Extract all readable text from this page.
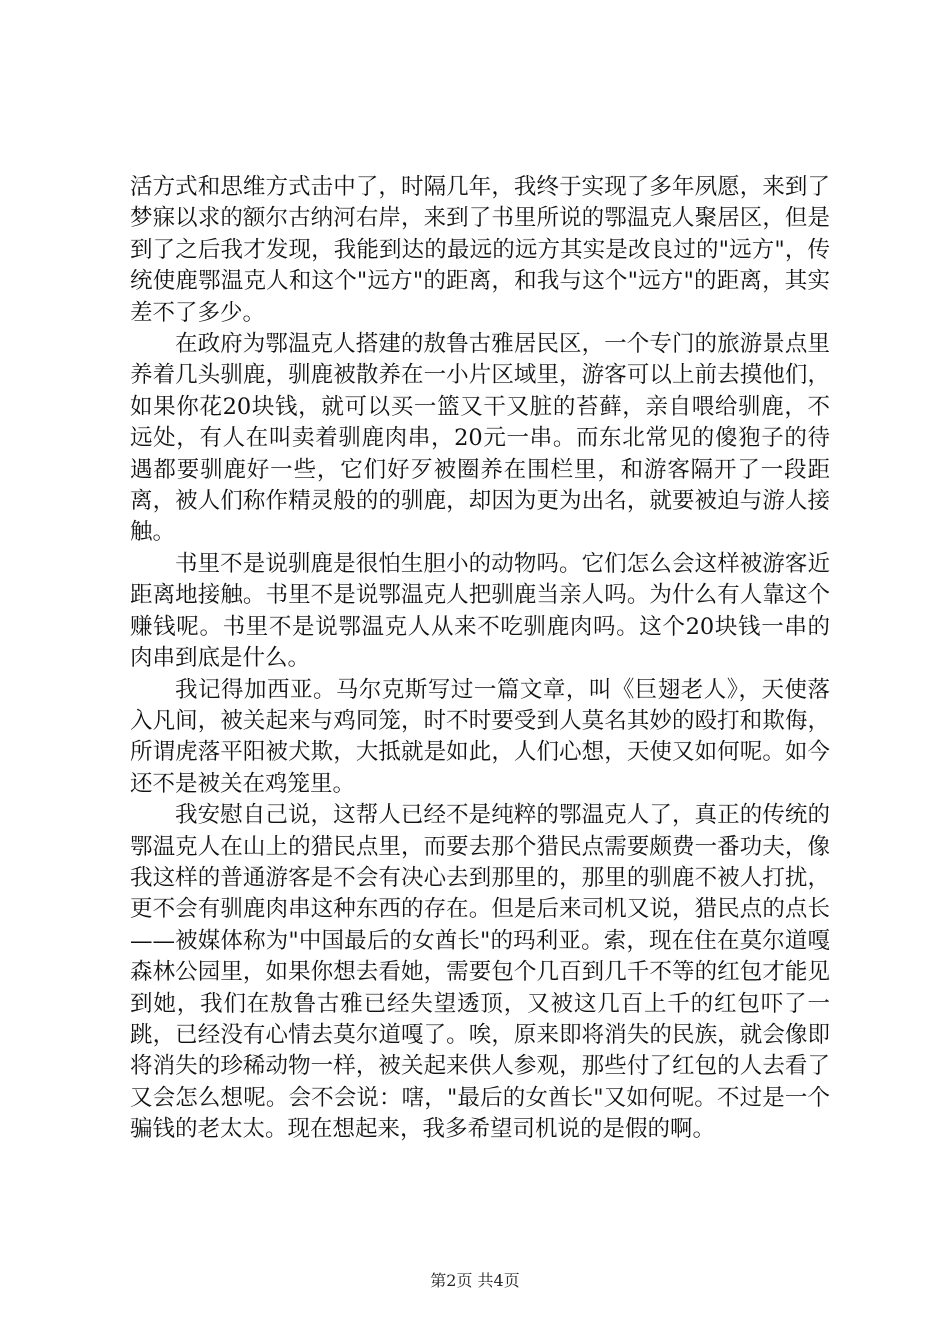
活方式和思维方式击中了，时隔几年，我终于实现了多年夙愿，来到了梦寐以求的额尔古纳河右岸，来到了书里所说的鄂温克人聚居区，但是到了之后我才发现，我能到达的最远的远方其实是改良过的"远方"，传统使鹿鄂温克人和这个"远方"的距离，和我与这个"远方"的距离，其实差不了多少。

在政府为鄂温克人搭建的敖鲁古雅居民区，一个专门的旅游景点里养着几头驯鹿，驯鹿被散养在一小片区域里，游客可以上前去摸他们，如果你花20块钱，就可以买一篮又干又脏的苔藓，亲自喂给驯鹿，不远处，有人在叫卖着驯鹿肉串，20元一串。而东北常见的傻狍子的待遇都要驯鹿好一些，它们好歹被圈养在围栏里，和游客隔开了一段距离，被人们称作精灵般的的驯鹿，却因为更为出名，就要被迫与游人接触。

书里不是说驯鹿是很怕生胆小的动物吗。它们怎么会这样被游客近距离地接触。书里不是说鄂温克人把驯鹿当亲人吗。为什么有人靠这个赚钱呢。书里不是说鄂温克人从来不吃驯鹿肉吗。这个20块钱一串的肉串到底是什么。

我记得加西亚。马尔克斯写过一篇文章，叫《巨翅老人》，天使落入凡间，被关起来与鸡同笼，时不时要受到人莫名其妙的殴打和欺侮，所谓虎落平阳被犬欺，大抵就是如此，人们心想，天使又如何呢。如今还不是被关在鸡笼里。

我安慰自己说，这帮人已经不是纯粹的鄂温克人了，真正的传统的鄂温克人在山上的猎民点里，而要去那个猎民点需要颇费一番功夫，像我这样的普通游客是不会有决心去到那里的，那里的驯鹿不被人打扰，更不会有驯鹿肉串这种东西的存在。但是后来司机又说，猎民点的点长——被媒体称为"中国最后的女酋长"的玛利亚。索，现在住在莫尔道嘎森林公园里，如果你想去看她，需要包个几百到几千不等的红包才能见到她，我们在敖鲁古雅已经失望透顶，又被这几百上千的红包吓了一跳，已经没有心情去莫尔道嘎了。唉，原来即将消失的民族，就会像即将消失的珍稀动物一样，被关起来供人参观，那些付了红包的人去看了又会怎么想呢。会不会说：嗐，"最后的女酋长"又如何呢。不过是一个骗钱的老太太。现在想起来，我多希望司机说的是假的啊。

第2页 共4页
